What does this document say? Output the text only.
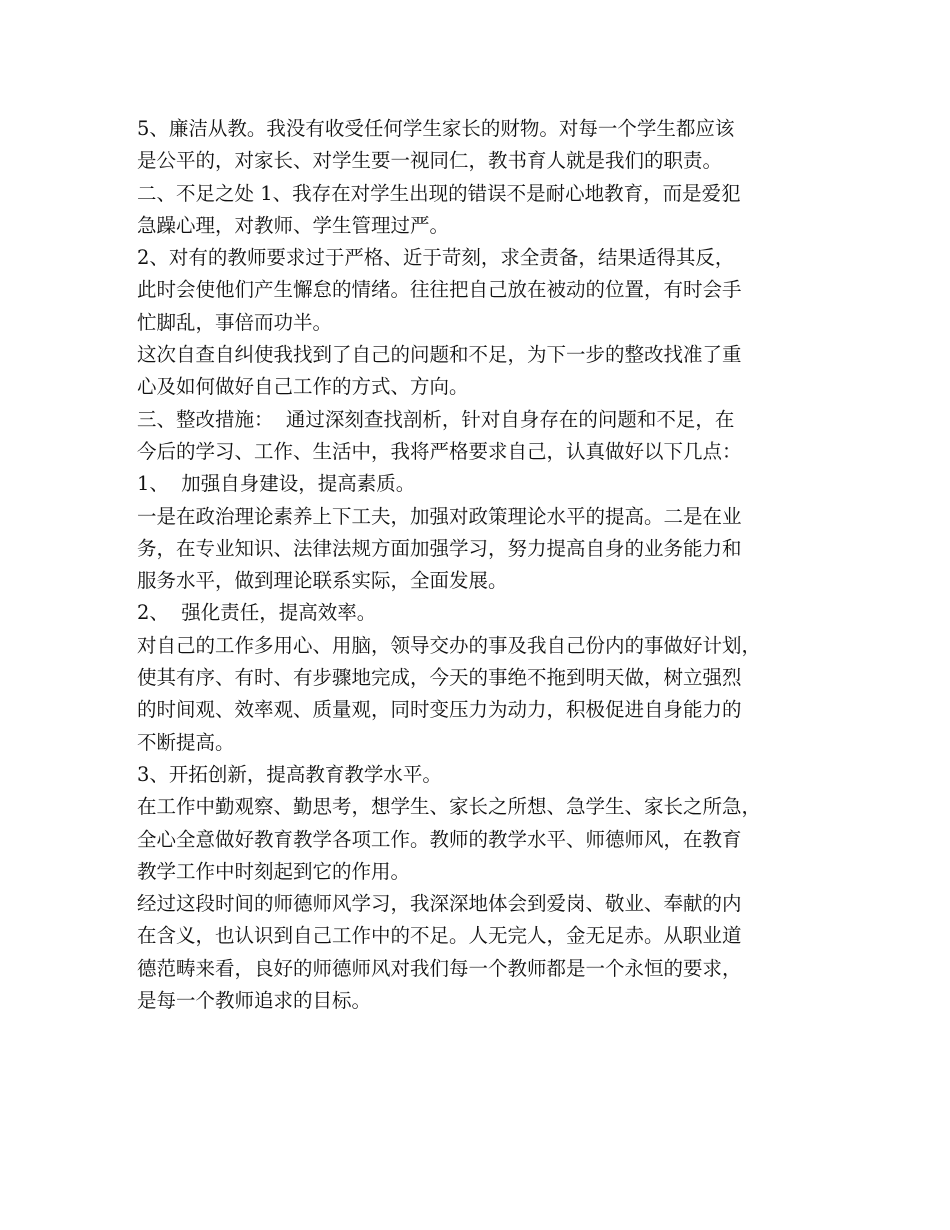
5、廉洁从教。我没有收受任何学生家长的财物。对每一个学生都应该
是公平的，对家长、对学生要一视同仁，教书育人就是我们的职责。

二、不足之处 1、我存在对学生出现的错误不是耐心地教育，而是爱犯
急躁心理，对教师、学生管理过严。

2、对有的教师要求过于严格、近于苛刻，求全责备，结果适得其反，
此时会使他们产生懈怠的情绪。往往把自己放在被动的位置，有时会手
忙脚乱，事倍而功半。

这次自查自纠使我找到了自己的问题和不足，为下一步的整改找准了重
心及如何做好自己工作的方式、方向。

三、整改措施：  通过深刻查找剖析，针对自身存在的问题和不足，在
今后的学习、工作、生活中，我将严格要求自己，认真做好以下几点：

1、  加强自身建设，提高素质。

一是在政治理论素养上下工夫，加强对政策理论水平的提高。二是在业
务，在专业知识、法律法规方面加强学习，努力提高自身的业务能力和
服务水平，做到理论联系实际，全面发展。

2、  强化责任，提高效率。

对自己的工作多用心、用脑，领导交办的事及我自己份内的事做好计划，
使其有序、有时、有步骤地完成，今天的事绝不拖到明天做，树立强烈
的时间观、效率观、质量观，同时变压力为动力，积极促进自身能力的
不断提高。

3、开拓创新，提高教育教学水平。

在工作中勤观察、勤思考，想学生、家长之所想、急学生、家长之所急，
全心全意做好教育教学各项工作。教师的教学水平、师德师风，在教育
教学工作中时刻起到它的作用。

经过这段时间的师德师风学习，我深深地体会到爱岗、敬业、奉献的内
在含义，也认识到自己工作中的不足。人无完人，金无足赤。从职业道
德范畴来看，良好的师德师风对我们每一个教师都是一个永恒的要求，
是每一个教师追求的目标。
